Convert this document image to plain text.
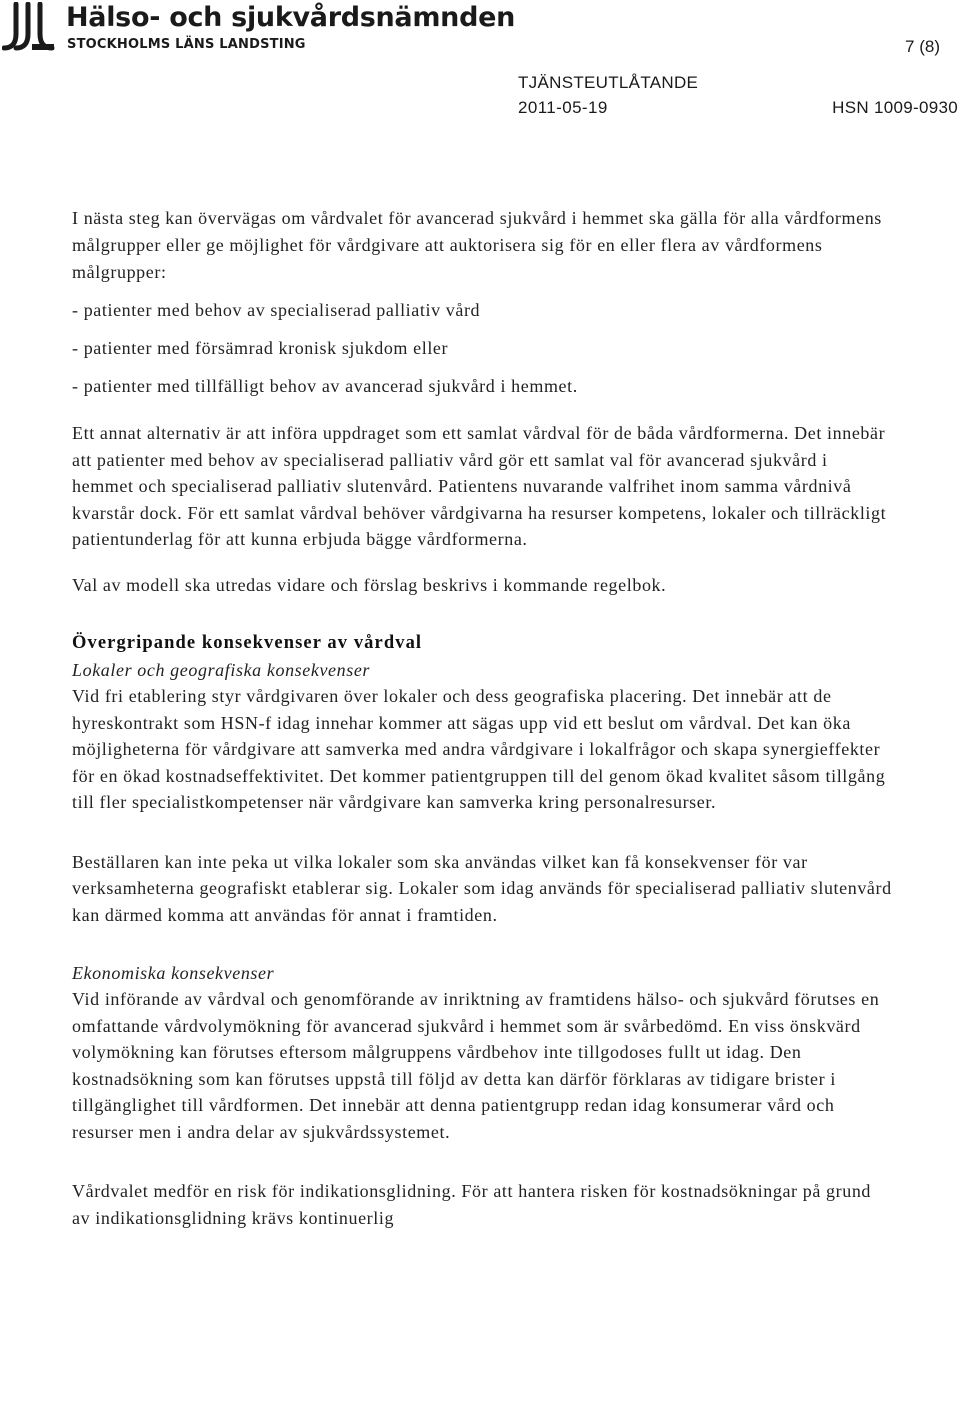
Hälso- och sjukvårdsnämnden
STOCKHOLMS LÄNS LANDSTING	7 (8)
TJÄNSTEUTLÅTANDE
2011-05-19	HSN 1009-0930

I nästa steg kan övervägas om vårdvalet för avancerad sjukvård i hemmet ska gälla för alla vårdformens målgrupper eller ge möjlighet för vårdgivare att auktorisera sig för en eller flera av vårdformens målgrupper:

- patienter med behov av specialiserad palliativ vård

- patienter med försämrad kronisk sjukdom eller

- patienter med tillfälligt behov av avancerad sjukvård i hemmet.

Ett annat alternativ är att införa uppdraget som ett samlat vårdval för de båda vårdformerna. Det innebär att patienter med behov av specialiserad palliativ vård gör ett samlat val för avancerad sjukvård i hemmet och specialiserad palliativ slutenvård. Patientens nuvarande valfrihet inom samma vårdnivå kvarstår dock. För ett samlat vårdval behöver vårdgivarna ha resurser kompetens, lokaler och tillräckligt patientunderlag för att kunna erbjuda bägge vårdformerna.

Val av modell ska utredas vidare och förslag beskrivs i kommande regelbok.

Övergripande konsekvenser av vårdval

Lokaler och geografiska konsekvenser

Vid fri etablering styr vårdgivaren över lokaler och dess geografiska placering. Det innebär att de hyreskontrakt som HSN-f idag innehar kommer att sägas upp vid ett beslut om vårdval. Det kan öka möjligheterna för vårdgivare att samverka med andra vårdgivare i lokalfrågor och skapa synergieffekter för en ökad kostnadseffektivitet. Det kommer patientgruppen till del genom ökad kvalitet såsom tillgång till fler specialistkompetenser när vårdgivare kan samverka kring personalresurser.

Beställaren kan inte peka ut vilka lokaler som ska användas vilket kan få konsekvenser för var verksamheterna geografiskt etablerar sig. Lokaler som idag används för specialiserad palliativ slutenvård kan därmed komma att användas för annat i framtiden.

Ekonomiska konsekvenser

Vid införande av vårdval och genomförande av inriktning av framtidens hälso- och sjukvård förutses en omfattande vårdvolymökning för avancerad sjukvård i hemmet som är svårbedömd. En viss önskvärd volymökning kan förutses eftersom målgruppens vårdbehov inte tillgodoses fullt ut idag. Den kostnadsökning som kan förutses uppstå till följd av detta kan därför förklaras av tidigare brister i tillgänglighet till vårdformen. Det innebär att denna patientgrupp redan idag konsumerar vård och resurser men i andra delar av sjukvårdssystemet.

Vårdvalet medför en risk för indikationsglidning. För att hantera risken för kostnadsökningar på grund av indikationsglidning krävs kontinuerlig
